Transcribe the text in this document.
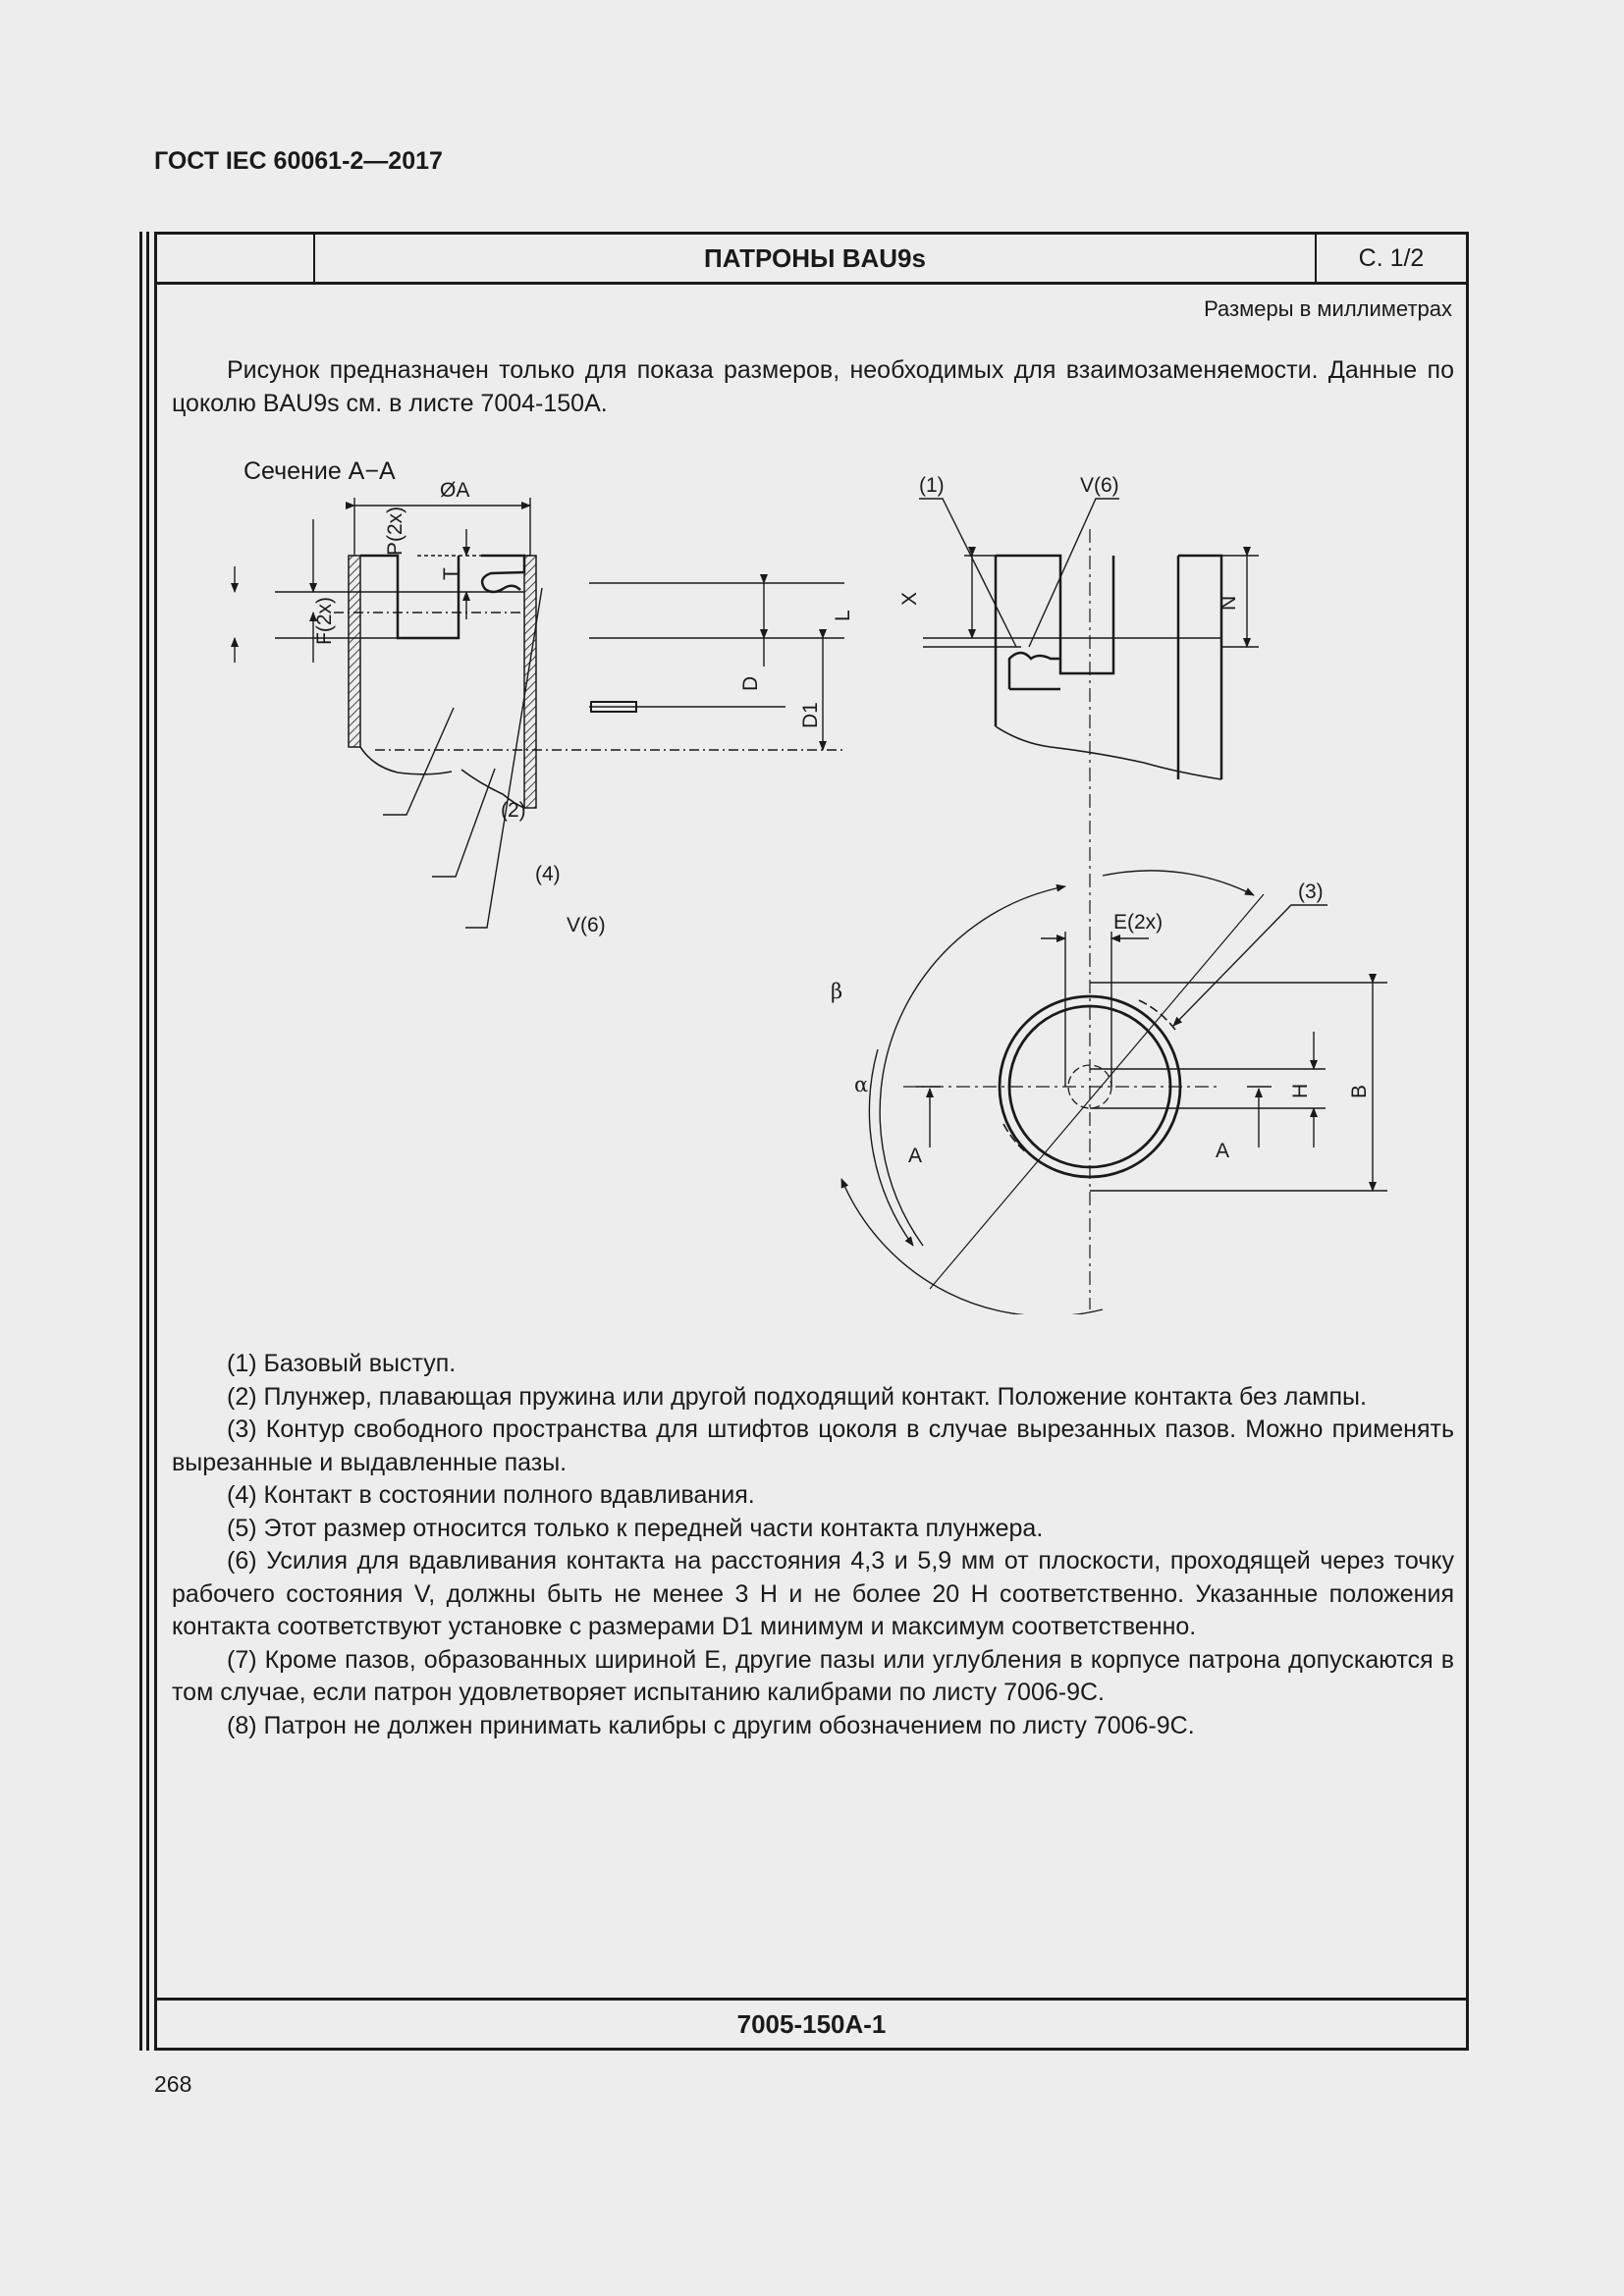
ГОСТ IEC 60061-2—2017
ПАТРОНЫ BAU9s	С. 1/2
Размеры в миллиметрах

Рисунок предназначен только для показа размеров, необходимых для взаимозаменяемости. Данные по цоколю BAU9s см. в листе 7004-150А.

Сечение А−А
ØA
P(2x)
T
F(2x)
D
D1
(2)
(4)
V(6)
(1)	V(6)
L
X	N
(3)
E(2x)
β
α
A	A
H B

(1) Базовый выступ.

(2) Плунжер, плавающая пружина или другой подходящий контакт. Положение контакта без лампы.

(3) Контур свободного пространства для штифтов цоколя в случае вырезанных пазов. Можно применять вырезанные и выдавленные пазы.

(4) Контакт в состоянии полного вдавливания.

(5) Этот размер относится только к передней части контакта плунжера.

(6) Усилия для вдавливания контакта на расстояния 4,3 и 5,9 мм от плоскости, проходящей через точку рабочего состояния V, должны быть не менее 3 Н и не более 20 Н соответственно. Указанные положения контакта соответствуют установке с размерами D1 минимум и максимум соответственно.

(7) Кроме пазов, образованных шириной Е, другие пазы или углубления в корпусе патрона допускаются в том случае, если патрон удовлетворяет испытанию калибрами по листу 7006-9С.

(8) Патрон не должен принимать калибры с другим обозначением по листу 7006-9С.

7005-150А-1
268
